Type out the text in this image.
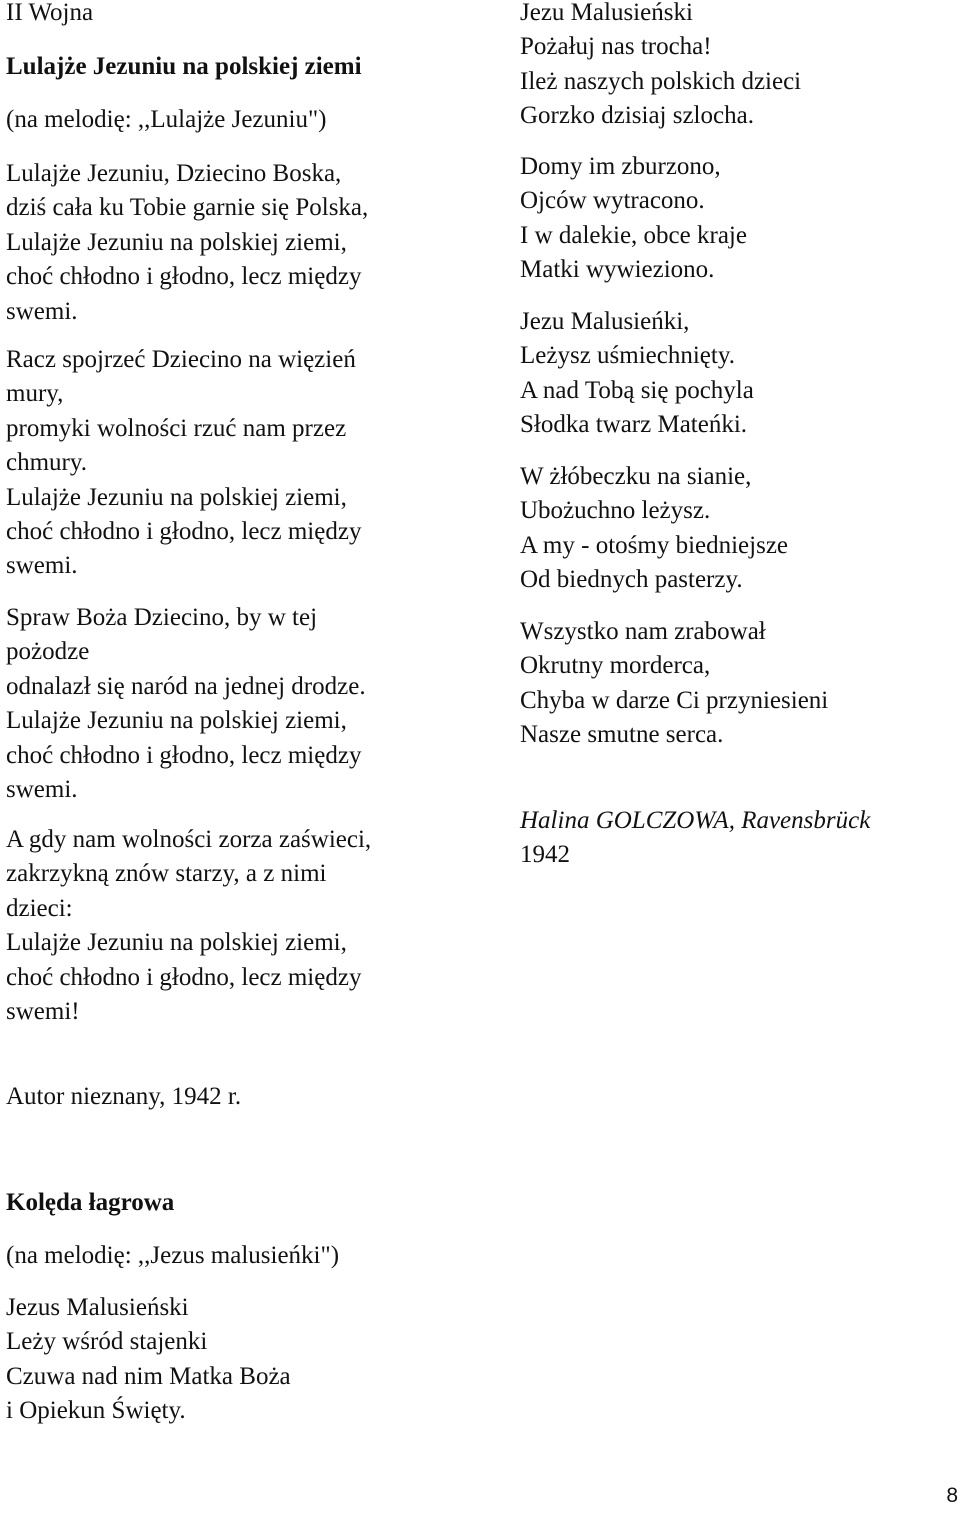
II Wojna
Lulajże Jezuniu na polskiej ziemi
(na melodię: ,,Lulajże Jezuniu")
Lulajże Jezuniu, Dziecino Boska,
dziś cała ku Tobie garnie się Polska,
Lulajże Jezuniu na polskiej ziemi,
choć chłodno i głodno, lecz między
swemi.
Racz spojrzeć Dziecino na więzień
mury,
promyki wolności rzuć nam przez
chmury.
Lulajże Jezuniu na polskiej ziemi,
choć chłodno i głodno, lecz między
swemi.
Spraw Boża Dziecino, by w tej
pożodze
odnalazł się naród na jednej drodze.
Lulajże Jezuniu na polskiej ziemi,
choć chłodno i głodno, lecz między
swemi.
A gdy nam wolności zorza zaświeci,
zakrzykną znów starzy, a z nimi
dzieci:
Lulajże Jezuniu na polskiej ziemi,
choć chłodno i głodno, lecz między
swemi!
Autor nieznany, 1942 r.
Kolęda łagrowa
(na melodię: ,,Jezus malusieńki")
Jezus Malusieński
Leży wśród stajenki
Czuwa nad nim Matka Boża
i Opiekun Święty.
Jezu Malusieński
Pożałuj nas trocha!
Ileż naszych polskich dzieci
Gorzko dzisiaj szlocha.
Domy im zburzono,
Ojców wytracono.
I w dalekie, obce kraje
Matki wywieziono.
Jezu Malusieńki,
Leżysz uśmiechnięty.
A nad Tobą się pochyla
Słodka twarz Mateńki.
W żłóbeczku na sianie,
Ubożuchno leżysz.
A my - otośmy biedniejsze
Od biednych pasterzy.
Wszystko nam zrabował
Okrutny morderca,
Chyba w darze Ci przyniesieni
Nasze smutne serca.
Halina GOLCZOWA, Ravensbrück
1942
8
